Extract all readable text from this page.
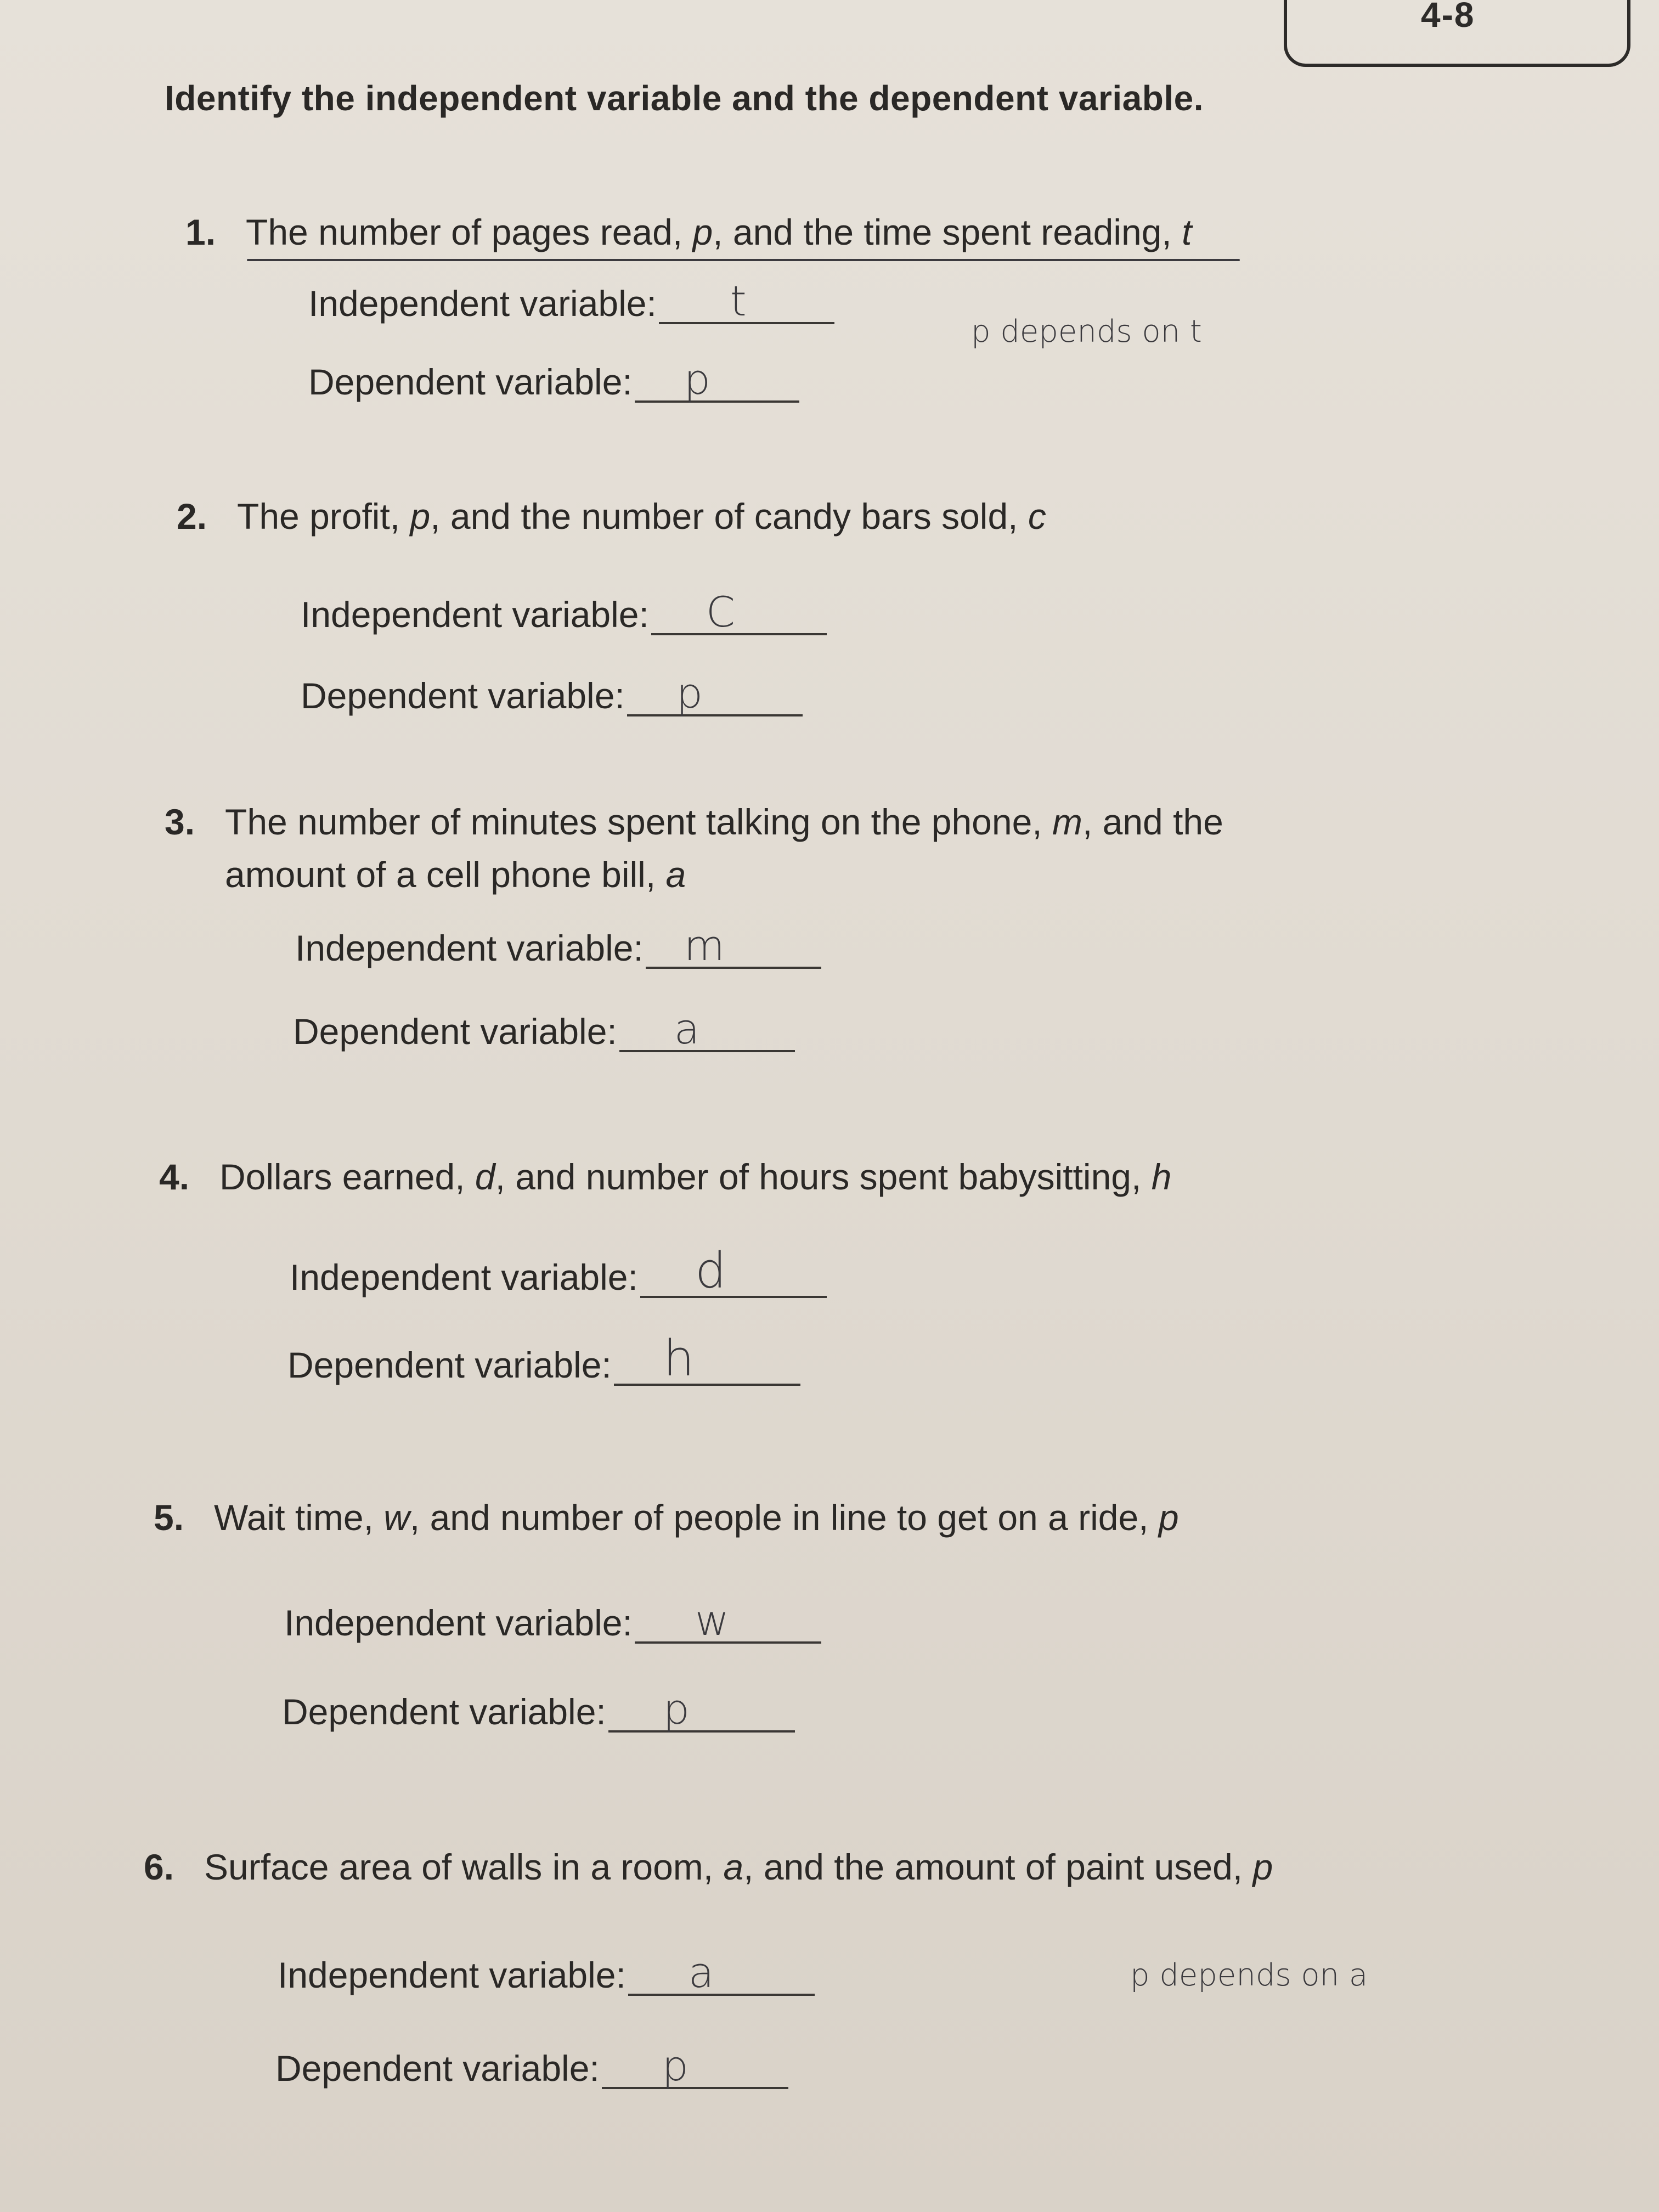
4-8
Identify the independent variable and the dependent variable.
1. The number of pages read, p, and the time spent reading, t
Independent variable: t
p depends on t
Dependent variable: p
2. The profit, p, and the number of candy bars sold, c
Independent variable: C
Dependent variable: p
3. The number of minutes spent talking on the phone, m, and the
amount of a cell phone bill, a
Independent variable: m
Dependent variable: a
4. Dollars earned, d, and number of hours spent babysitting, h
Independent variable: d
Dependent variable: h
5. Wait time, w, and number of people in line to get on a ride, p
Independent variable: w
Dependent variable: p
6. Surface area of walls in a room, a, and the amount of paint used, p
Independent variable: a	p depends on a
Dependent variable: p
